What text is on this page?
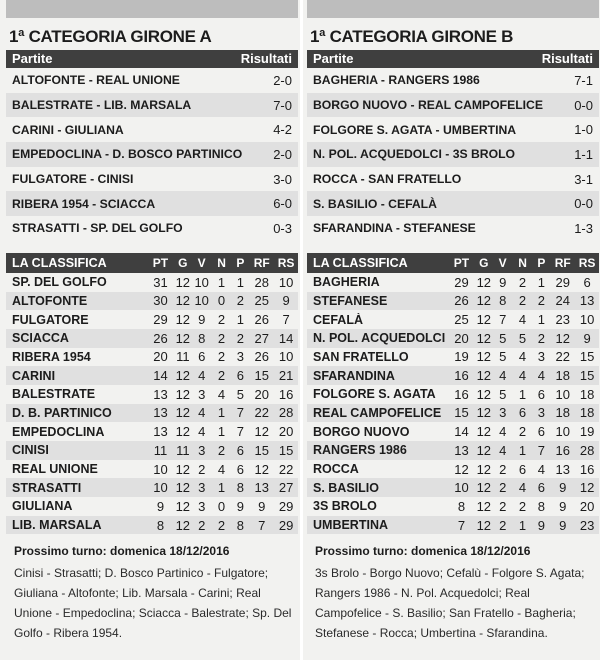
1ª CATEGORIA GIRONE A
Partite	Risultati
ALTOFONTE - REAL UNIONE	2-0
BALESTRATE - LIB. MARSALA	7-0
CARINI - GIULIANA	4-2
EMPEDOCLINA - D. BOSCO PARTINICO 2-0
FULGATORE - CINISI	3-0
RIBERA 1954 - SCIACCA	6-0
STRASATTI - SP. DEL GOLFO	0-3
LA CLASSIFICA	PT G V N P RF RS
SP. DEL GOLFO	31 12 10 1 1 28 10
ALTOFONTE	30 12 10 0 2 25	9
FULGATORE	29 12 9 2 1 26	7
SCIACCA	26 12 8 2 2 27 14
RIBERA 1954	20 11 6 2 3 26 10
CARINI	14 12 4 2 6 15 21
BALESTRATE	13 12 3 4 5 20 16
D. B. PARTINICO	13 12 4 1 7 22 28
EMPEDOCLINA	13 12 4 1 7 12 20
CINISI	11 11 3 2 6 15 15
REAL UNIONE	10 12 2 4 6 12 22
STRASATTI	10 12 3 1 8 13 27
GIULIANA	9 12 3 0 9	9	29
LIB. MARSALA	8 12 2 2 8	7	29
Prossimo turno: domenica 18/12/2016
Cinisi - Strasatti; D. Bosco Partinico - Fulgatore; Giuliana - Altofonte; Lib. Marsala - Carini; Real Unione - Empedoclina; Sciacca - Balestrate; Sp. Del Golfo - Ribera 1954.
1ª CATEGORIA GIRONE B
Partite	Risultati
BAGHERIA - RANGERS 1986	7-1
BORGO NUOVO - REAL CAMPOFELICE 0-0
FOLGORE S. AGATA - UMBERTINA	1-0
N. POL. ACQUEDOLCI - 3S BROLO	1-1
ROCCA - SAN FRATELLO	3-1
S. BASILIO - CEFALÀ	0-0
SFARANDINA - STEFANESE	1-3
LA CLASSIFICA	PT G V N P RF RS
BAGHERIA	29 12 9 2 1 29	6
STEFANESE	26 12 8 2 2 24 13
CEFALÀ	25 12 7 4 1 23 10
N. POL. ACQUEDOLCI 20 12 5 5 2 12	9
SAN FRATELLO	19 12 5 4 3 22 15
SFARANDINA	16 12 4 4 4 18 15
FOLGORE S. AGATA	16 12 5 1 6 10 18
REAL CAMPOFELICE 15 12 3 6 3 18 18
BORGO NUOVO	14 12 4 2 6 10 19
RANGERS 1986	13 12 4 1 7 16 28
ROCCA	12 12 2 6 4 13 16
S. BASILIO	10 12 2 4 6	9	12
3S BROLO	8 12 2 2 8	9	20
UMBERTINA	7 12 2 1 9	9	23
Prossimo turno: domenica 18/12/2016
3s Brolo - Borgo Nuovo; Cefalù - Folgore S. Agata; Rangers 1986 - N. Pol. Acquedolci; Real Campofelice - S. Basilio; San Fratello - Bagheria; Stefanese - Rocca; Umbertina - Sfarandina.
